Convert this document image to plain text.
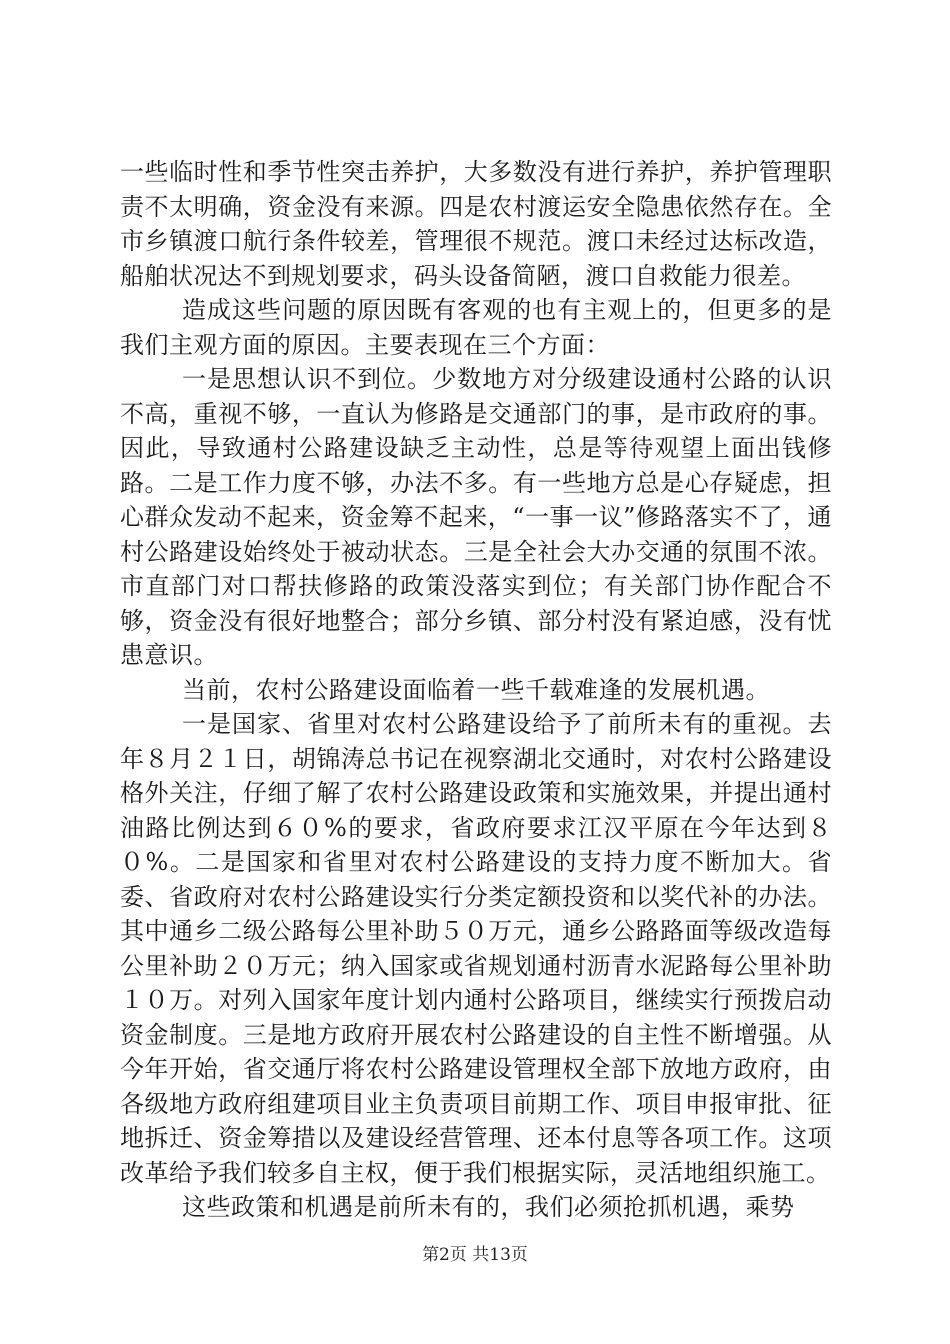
一些临时性和季节性突击养护，大多数没有进行养护，养护管理职责不太明确，资金没有来源。四是农村渡运安全隐患依然存在。全市乡镇渡口航行条件较差，管理很不规范。渡口未经过达标改造，船舶状况达不到规划要求，码头设备简陋，渡口自救能力很差。

造成这些问题的原因既有客观的也有主观上的，但更多的是我们主观方面的原因。主要表现在三个方面：

一是思想认识不到位。少数地方对分级建设通村公路的认识不高，重视不够，一直认为修路是交通部门的事，是市政府的事。因此，导致通村公路建设缺乏主动性，总是等待观望上面出钱修路。二是工作力度不够，办法不多。有一些地方总是心存疑虑，担心群众发动不起来，资金筹不起来，“一事一议”修路落实不了，通村公路建设始终处于被动状态。三是全社会大办交通的氛围不浓。市直部门对口帮扶修路的政策没落实到位；有关部门协作配合不够，资金没有很好地整合；部分乡镇、部分村没有紧迫感，没有忧患意识。

当前，农村公路建设面临着一些千载难逢的发展机遇。

一是国家、省里对农村公路建设给予了前所未有的重视。去年８月２１日，胡锦涛总书记在视察湖北交通时，对农村公路建设格外关注，仔细了解了农村公路建设政策和实施效果，并提出通村油路比例达到６０%的要求，省政府要求江汉平原在今年达到８０%。二是国家和省里对农村公路建设的支持力度不断加大。省委、省政府对农村公路建设实行分类定额投资和以奖代补的办法。其中通乡二级公路每公里补助５０万元，通乡公路路面等级改造每公里补助２０万元；纳入国家或省规划通村沥青水泥路每公里补助１０万。对列入国家年度计划内通村公路项目，继续实行预拨启动资金制度。三是地方政府开展农村公路建设的自主性不断增强。从今年开始，省交通厅将农村公路建设管理权全部下放地方政府，由各级地方政府组建项目业主负责项目前期工作、项目申报审批、征地拆迁、资金筹措以及建设经营管理、还本付息等各项工作。这项改革给予我们较多自主权，便于我们根据实际，灵活地组织施工。

这些政策和机遇是前所未有的，我们必须抢抓机遇，乘势

第2页 共13页
